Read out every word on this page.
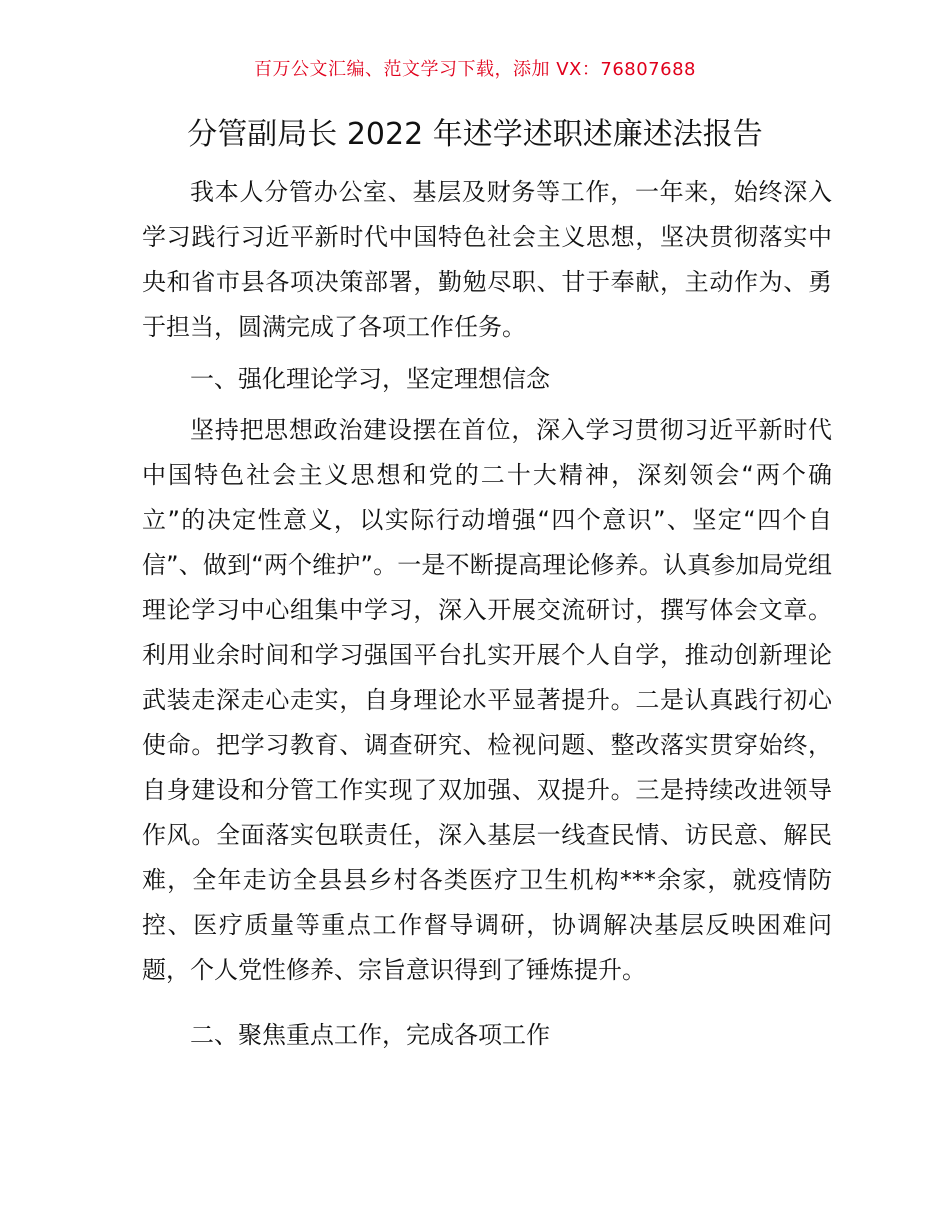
百万公文汇编、范文学习下载，添加 VX：76807688
分管副局长 2022 年述学述职述廉述法报告

我本人分管办公室、基层及财务等工作，一年来，始终深入学习践行习近平新时代中国特色社会主义思想，坚决贯彻落实中央和省市县各项决策部署，勤勉尽职、甘于奉献，主动作为、勇于担当，圆满完成了各项工作任务。

一、强化理论学习，坚定理想信念

坚持把思想政治建设摆在首位，深入学习贯彻习近平新时代中国特色社会主义思想和党的二十大精神，深刻领会“两个确立”的决定性意义，以实际行动增强“四个意识”、坚定“四个自信”、做到“两个维护”。一是不断提高理论修养。认真参加局党组理论学习中心组集中学习，深入开展交流研讨，撰写体会文章。利用业余时间和学习强国平台扎实开展个人自学，推动创新理论武装走深走心走实，自身理论水平显著提升。二是认真践行初心使命。把学习教育、调查研究、检视问题、整改落实贯穿始终，自身建设和分管工作实现了双加强、双提升。三是持续改进领导作风。全面落实包联责任，深入基层一线查民情、访民意、解民难，全年走访全县县乡村各类医疗卫生机构***余家，就疫情防控、医疗质量等重点工作督导调研，协调解决基层反映困难问题，个人党性修养、宗旨意识得到了锤炼提升。

二、聚焦重点工作，完成各项工作
